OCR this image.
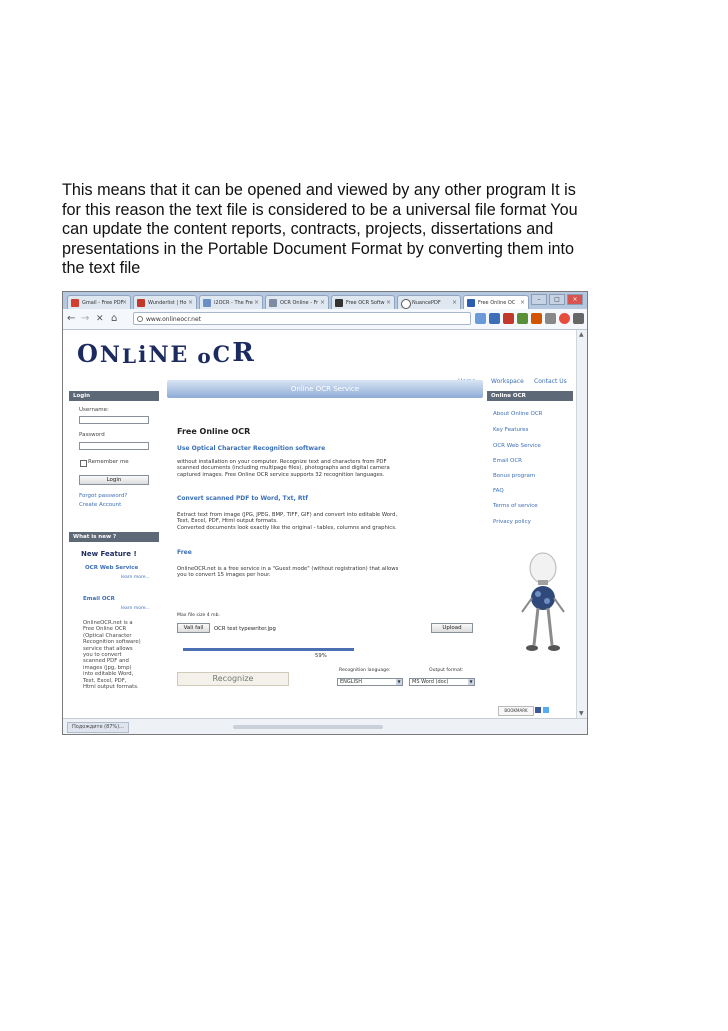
This means that it can be opened and viewed by any other program It is
for this reason the text file is considered to be a universal file format You
can update the content reports, contracts, projects, dissertations and
presentations in the Portable Document Format by converting them into
the text file
Gmail - Free PDF
×	Wunderlist | Ho ×	i2OCR - The Fre ×	OCR Online - Fr ×	Free OCR Softw ×	NuancePDF ×	Free Online OC ×	–	□	×
← → ✕ ⌂	www.onlineocr.net
O N L i N E o C R
Workspace Contact Us
Login
Username:
Password
Remember me
Login
Forgot password?
Create Account
What is new ?
New Feature !
OCR Web Service
learn more...
Email OCR
learn more...
OnlineOCR.net is a
Free Online OCR
(Optical Character
Recognition software)
service that allows
you to convert
scanned PDF and
images (jpg, bmp)
into editable Word,
Text, Excel, PDF,
Html output formats.
Online OCR Service
Free Online OCR
Use Optical Character Recognition software
without installation on your computer. Recognize text and characters from PDF
scanned documents (including multipage files), photographs and digital camera
captured images. Free Online OCR service supports 32 recognition languages.
Convert scanned PDF to Word, Txt, Rtf
Extract text from image (JPG, JPEG, BMP, TIFF, GIF) and convert into editable Word,
Text, Excel, PDF, Html output formats.
Converted documents look exactly like the original - tables, columns and graphics.
Free
OnlineOCR.net is a free service in a "Guest mode" (without registration) that allows
you to convert 15 images per hour.
Max file size 4 mb.
Vali fail	OCR test typewriter.jpg	Upload
59%
Recognize
Recognition language:
ENGLISH	▼
Output format:
MS Word (doc)	▼
Online OCR
About Online OCR
Key Features
OCR Web Service
Email OCR
Bonus program
FAQ
Terms of service
Privacy policy
BOOKMARK
▲
▼
Подождите (87%)...
